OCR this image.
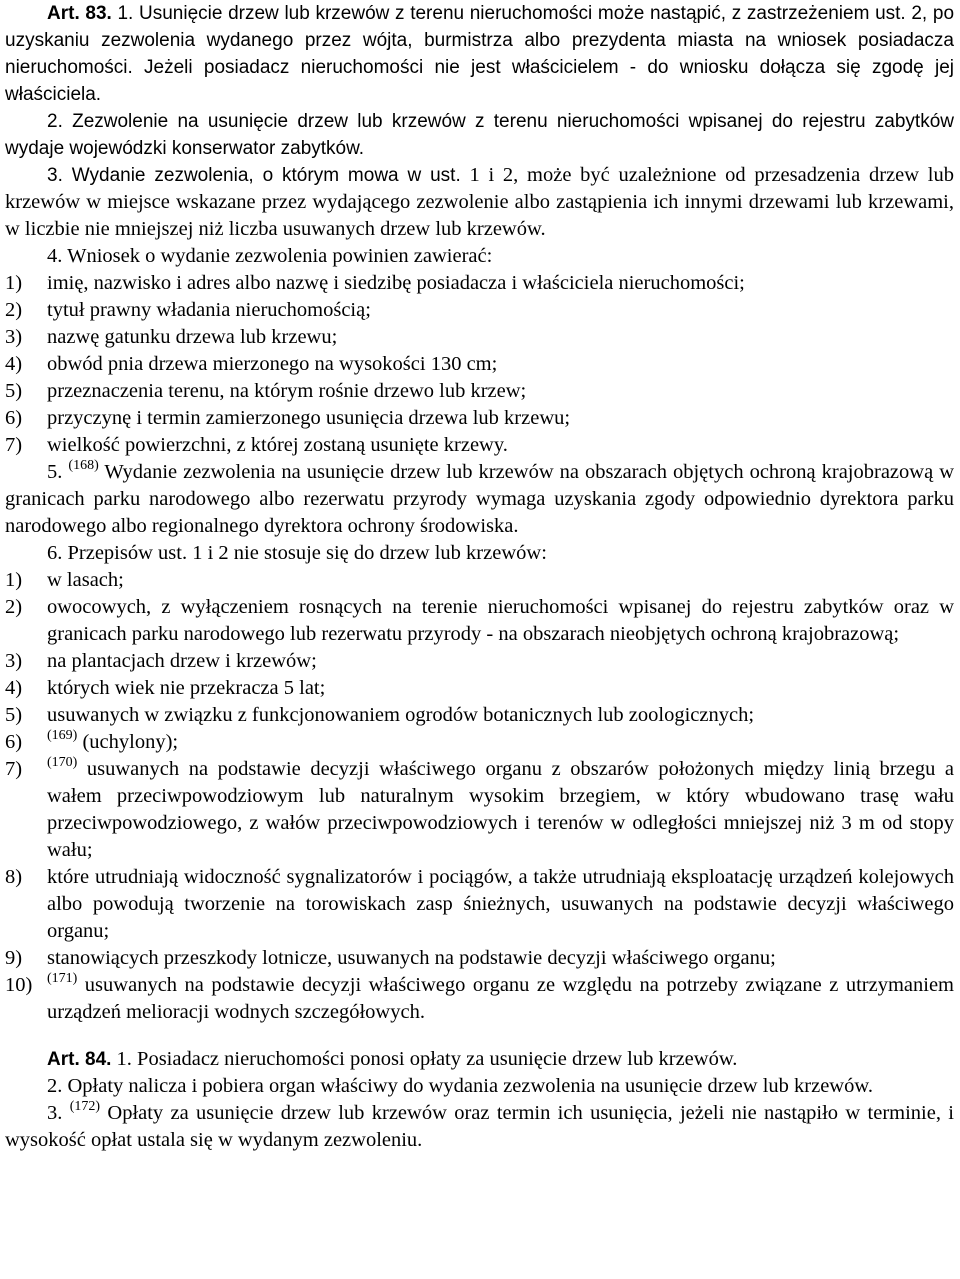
Art. 83. 1. Usunięcie drzew lub krzewów z terenu nieruchomości może nastąpić, z zastrzeżeniem ust. 2, po uzyskaniu zezwolenia wydanego przez wójta, burmistrza albo prezydenta miasta na wniosek posiadacza nieruchomości. Jeżeli posiadacz nieruchomości nie jest właścicielem - do wniosku dołącza się zgodę jej właściciela.

2. Zezwolenie na usunięcie drzew lub krzewów z terenu nieruchomości wpisanej do rejestru zabytków wydaje wojewódzki konserwator zabytków.

3. Wydanie zezwolenia, o którym mowa w ust. 1 i 2, może być uzależnione od przesadzenia drzew lub krzewów w miejsce wskazane przez wydającego zezwolenie albo zastąpienia ich innymi drzewami lub krzewami, w liczbie nie mniejszej niż liczba usuwanych drzew lub krzewów.

4. Wniosek o wydanie zezwolenia powinien zawierać:

1)	imię, nazwisko i adres albo nazwę i siedzibę posiadacza i właściciela nieruchomości;
2)	tytuł prawny władania nieruchomością;
3)	nazwę gatunku drzewa lub krzewu;
4)	obwód pnia drzewa mierzonego na wysokości 130 cm;
5)	przeznaczenia terenu, na którym rośnie drzewo lub krzew;
6)	przyczynę i termin zamierzonego usunięcia drzewa lub krzewu;
7)	wielkość powierzchni, z której zostaną usunięte krzewy.

5. $^{(168)}$ Wydanie zezwolenia na usunięcie drzew lub krzewów na obszarach objętych ochroną krajobrazową w granicach parku narodowego albo rezerwatu przyrody wymaga uzyskania zgody odpowiednio dyrektora parku narodowego albo regionalnego dyrektora ochrony środowiska.

6. Przepisów ust. 1 i 2 nie stosuje się do drzew lub krzewów:

1)	w lasach;
2)	owocowych, z wyłączeniem rosnących na terenie nieruchomości wpisanej do rejestru zabytków oraz w granicach parku narodowego lub rezerwatu przyrody - na obszarach nieobjętych ochroną krajobrazową;
3)	na plantacjach drzew i krzewów;
4)	których wiek nie przekracza 5 lat;
5)	usuwanych w związku z funkcjonowaniem ogrodów botanicznych lub zoologicznych;
6)	$^{(169)}$ (uchylony);
7)	$^{(170)}$ usuwanych na podstawie decyzji właściwego organu z obszarów położonych między linią brzegu a wałem przeciwpowodziowym lub naturalnym wysokim brzegiem, w który wbudowano trasę wału przeciwpowodziowego, z wałów przeciwpowodziowych i terenów w odległości mniejszej niż 3 m od stopy wału;
8)	które utrudniają widoczność sygnalizatorów i pociągów, a także utrudniają eksploatację urządzeń kolejowych albo powodują tworzenie na torowiskach zasp śnieżnych, usuwanych na podstawie decyzji właściwego organu;
9)	stanowiących przeszkody lotnicze, usuwanych na podstawie decyzji właściwego organu;
10)	$^{(171)}$ usuwanych na podstawie decyzji właściwego organu ze względu na potrzeby związane z utrzymaniem urządzeń melioracji wodnych szczegółowych.

Art. 84. 1. Posiadacz nieruchomości ponosi opłaty za usunięcie drzew lub krzewów.

2. Opłaty nalicza i pobiera organ właściwy do wydania zezwolenia na usunięcie drzew lub krzewów.

3. $^{(172)}$ Opłaty za usunięcie drzew lub krzewów oraz termin ich usunięcia, jeżeli nie nastąpiło w terminie, i wysokość opłat ustala się w wydanym zezwoleniu.
